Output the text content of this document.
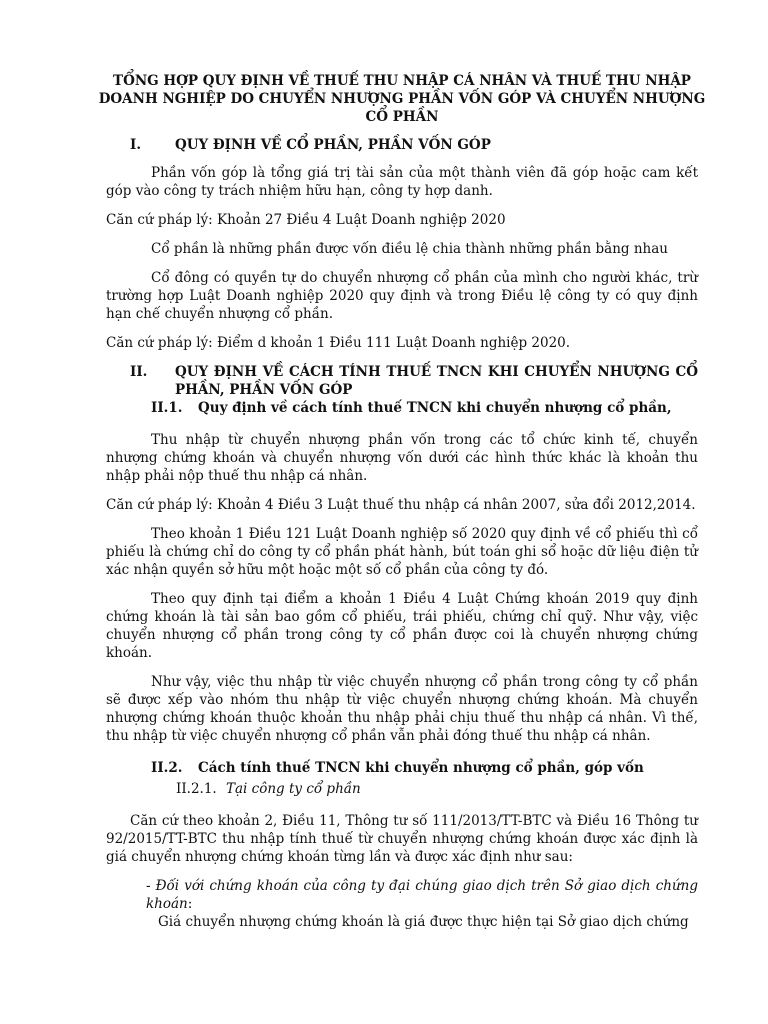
TỔNG HỢP QUY ĐỊNH VỀ THUẾ THU NHẬP CÁ NHÂN VÀ THUẾ THU NHẬP DOANH NGHIỆP DO CHUYỂN NHƯỢNG PHẦN VỐN GÓP VÀ CHUYỂN NHƯỢNG CỔ PHẦN
I.	QUY ĐỊNH VỀ CỔ PHẦN, PHẦN VỐN GÓP

Phần vốn góp là tổng giá trị tài sản của một thành viên đã góp hoặc cam kết góp vào công ty trách nhiệm hữu hạn, công ty hợp danh.

Căn cứ pháp lý: Khoản 27 Điều 4 Luật Doanh nghiệp 2020

Cổ phần là những phần được vốn điều lệ chia thành những phần bằng nhau

Cổ đông có quyền tự do chuyển nhượng cổ phần của mình cho người khác, trừ trường hợp Luật Doanh nghiệp 2020 quy định và trong Điều lệ công ty có quy định hạn chế chuyển nhượng cổ phần.

Căn cứ pháp lý: Điểm d khoản 1 Điều 111 Luật Doanh nghiệp 2020.

II.	QUY ĐỊNH VỀ CÁCH TÍNH THUẾ TNCN KHI CHUYỂN NHƯỢNG CỔ PHẦN, PHẦN VỐN GÓP
II.1.	Quy định về cách tính thuế TNCN khi chuyển nhượng cổ phần,

Thu nhập từ chuyển nhượng phần vốn trong các tổ chức kinh tế, chuyển nhượng chứng khoán và chuyển nhượng vốn dưới các hình thức khác là khoản thu nhập phải nộp thuế thu nhập cá nhân.

Căn cứ pháp lý: Khoản 4 Điều 3 Luật thuế thu nhập cá nhân 2007, sửa đổi 2012,2014.

Theo khoản 1 Điều 121 Luật Doanh nghiệp số 2020 quy định về cổ phiếu thì cổ phiếu là chứng chỉ do công ty cổ phần phát hành, bút toán ghi sổ hoặc dữ liệu điện tử xác nhận quyền sở hữu một hoặc một số cổ phần của công ty đó.

Theo quy định tại điểm a khoản 1 Điều 4 Luật Chứng khoán 2019 quy định chứng khoán là tài sản bao gồm cổ phiếu, trái phiếu, chứng chỉ quỹ. Như vậy, việc chuyển nhượng cổ phần trong công ty cổ phần được coi là chuyển nhượng chứng khoán.

Như vậy, việc thu nhập từ việc chuyển nhượng cổ phần trong công ty cổ phần sẽ được xếp vào nhóm thu nhập từ việc chuyển nhượng chứng khoán. Mà chuyển nhượng chứng khoán thuộc khoản thu nhập phải chịu thuế thu nhập cá nhân. Vì thế, thu nhập từ việc chuyển nhượng cổ phần vẫn phải đóng thuế thu nhập cá nhân.

II.2.	Cách tính thuế TNCN khi chuyển nhượng cổ phần, góp vốn
II.2.1. Tại công ty cổ phần

Căn cứ theo khoản 2, Điều 11, Thông tư số 111/2013/TT-BTC và Điều 16 Thông tư 92/2015/TT-BTC thu nhập tính thuế từ chuyển nhượng chứng khoán được xác định là giá chuyển nhượng chứng khoán từng lần và được xác định như sau:

- Đối với chứng khoán của công ty đại chúng giao dịch trên Sở giao dịch chứng khoán:

Giá chuyển nhượng chứng khoán là giá được thực hiện tại Sở giao dịch chứng
